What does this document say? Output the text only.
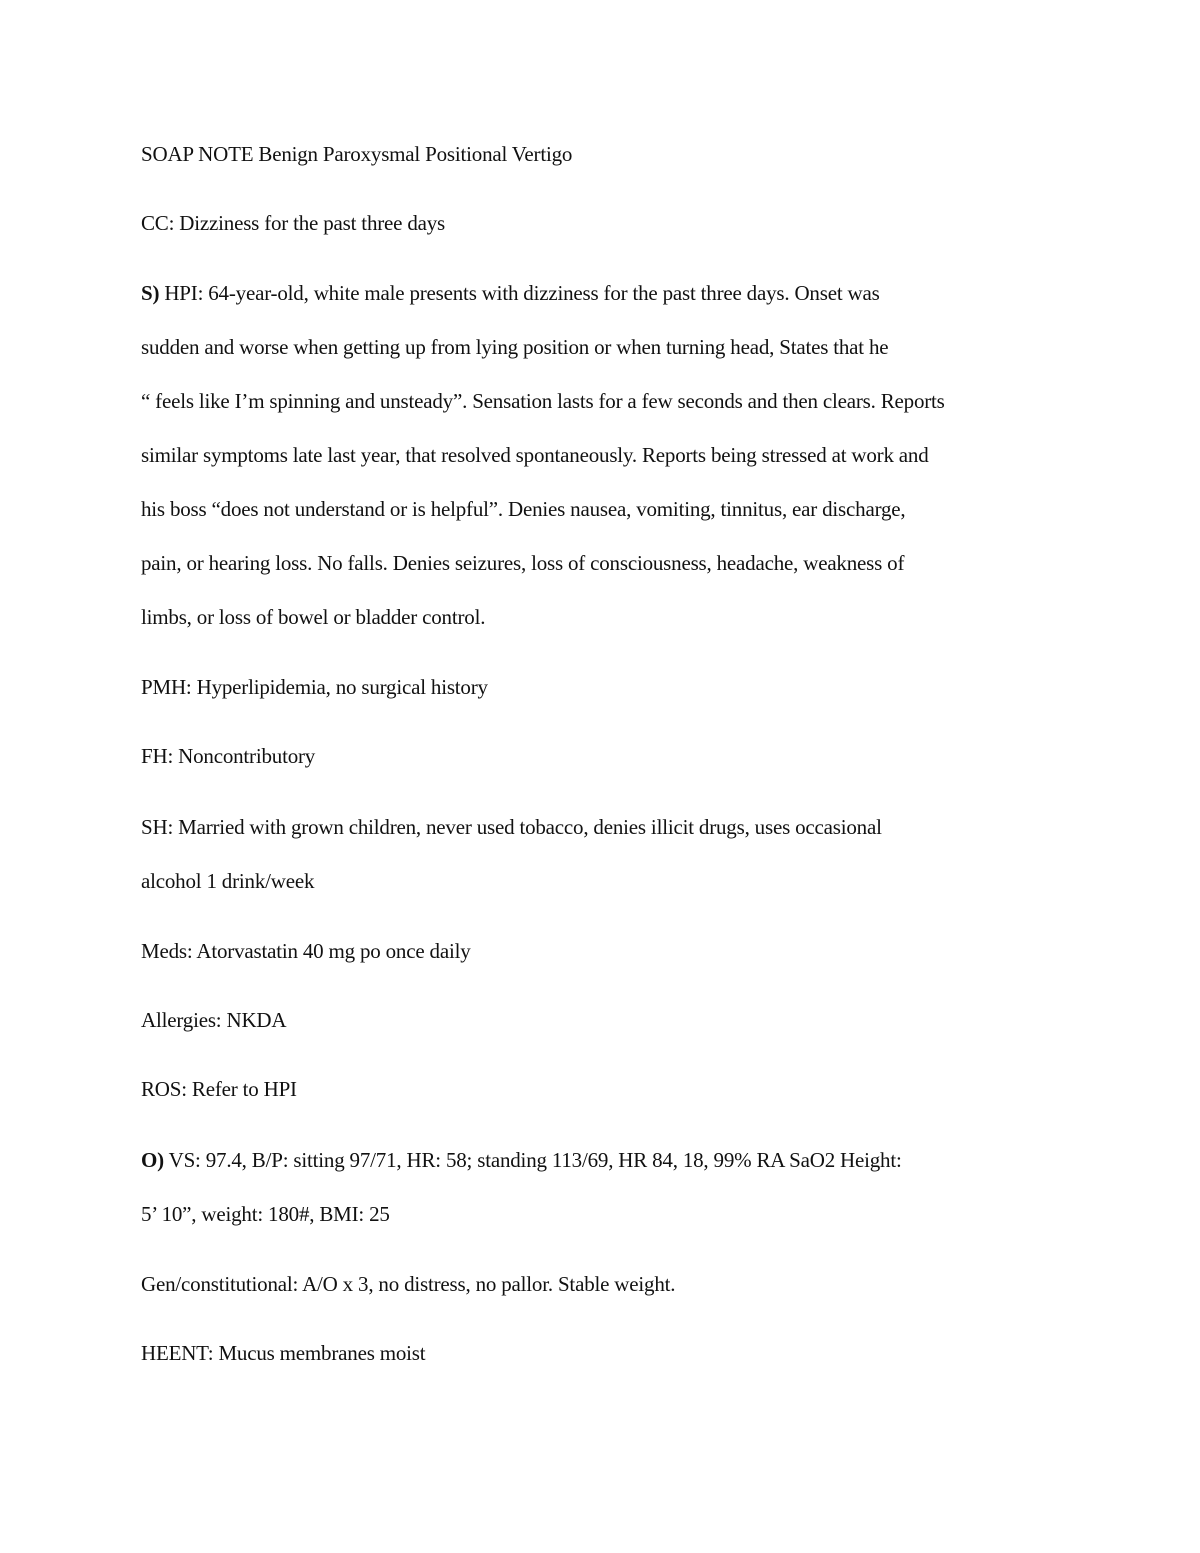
SOAP NOTE Benign Paroxysmal Positional Vertigo
CC: Dizziness for the past three days
S) HPI: 64-year-old, white male presents with dizziness for the past three days. Onset was
sudden and worse when getting up from lying position or when turning head, States that he
“ feels like I’m spinning and unsteady”. Sensation lasts for a few seconds and then clears. Reports
similar symptoms late last year, that resolved spontaneously. Reports being stressed at work and
his boss “does not understand or is helpful”. Denies nausea, vomiting, tinnitus, ear discharge,
pain, or hearing loss. No falls. Denies seizures, loss of consciousness, headache, weakness of
limbs, or loss of bowel or bladder control.
PMH: Hyperlipidemia, no surgical history
FH: Noncontributory
SH: Married with grown children, never used tobacco, denies illicit drugs, uses occasional
alcohol 1 drink/week
Meds: Atorvastatin 40 mg po once daily
Allergies: NKDA
ROS: Refer to HPI
O) VS: 97.4, B/P: sitting 97/71, HR: 58; standing 113/69, HR 84, 18, 99% RA SaO2 Height:
5’ 10”, weight: 180#, BMI: 25
Gen/constitutional: A/O x 3, no distress, no pallor. Stable weight.
HEENT: Mucus membranes moist
